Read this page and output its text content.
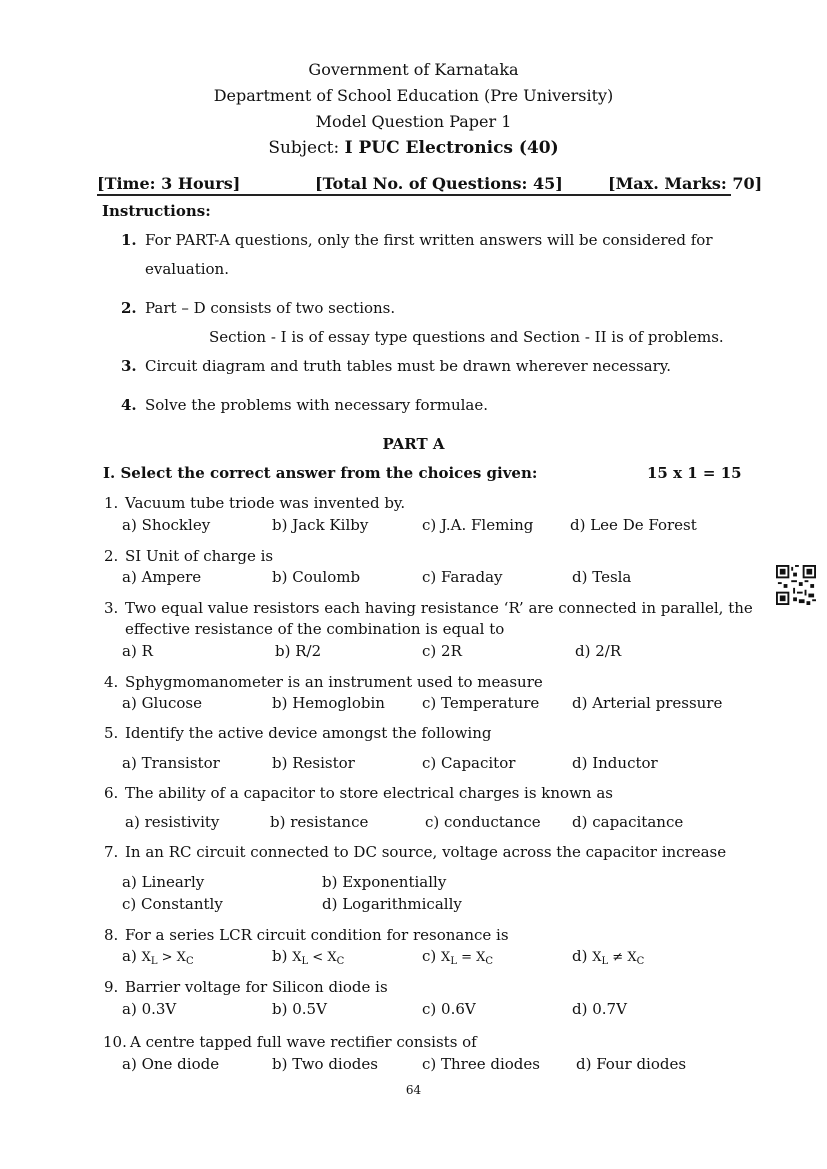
Government of Karnataka
Department of School Education (Pre University)
Model Question Paper 1
Subject: I PUC Electronics (40)
[Time: 3 Hours]	[Total No. of Questions: 45]	[Max. Marks: 70]
Instructions:
1. For PART-A questions, only the first written answers will be considered for
evaluation.
2. Part – D consists of two sections.
Section - I is of essay type questions and Section - II is of problems.
3. Circuit diagram and truth tables must be drawn wherever necessary.
4. Solve the problems with necessary formulae.
PART A
I. Select the correct answer from the choices given:	15 x 1 = 15
1. Vacuum tube triode was invented by.
a) Shockley	b) Jack Kilby	c) J.A. Fleming d) Lee De Forest
2. SI Unit of charge is
a) Ampere	b) Coulomb	c) Faraday	d) Tesla
3. Two equal value resistors each having resistance ‘R’ are connected in parallel, the
effective resistance of the combination is equal to
a) R	b) R/2	c) 2R	d) 2/R
4. Sphygmomanometer is an instrument used to measure
a) Glucose	b) Hemoglobin c) Temperature d) Arterial pressure
5. Identify the active device amongst the following
a) Transistor	b) Resistor	c) Capacitor	d) Inductor
6. The ability of a capacitor to store electrical charges is known as
a) resistivity	b) resistance	c) conductance d) capacitance
7. In an RC circuit connected to DC source, voltage across the capacitor increase
a) Linearly	b) Exponentially
c) Constantly	d) Logarithmically
8. For a series LCR circuit condition for resonance is
a) $X_L > X_C$	b) $X_L < X_C$	c) $X_L = X_C$	d) $X_L \ne X_C$
9. Barrier voltage for Silicon diode is
a) 0.3V	b) 0.5V	c) 0.6V	d) 0.7V
10. A centre tapped full wave rectifier consists of
a) One diode	b) Two diodes	c) Three diodes d) Four diodes
64
